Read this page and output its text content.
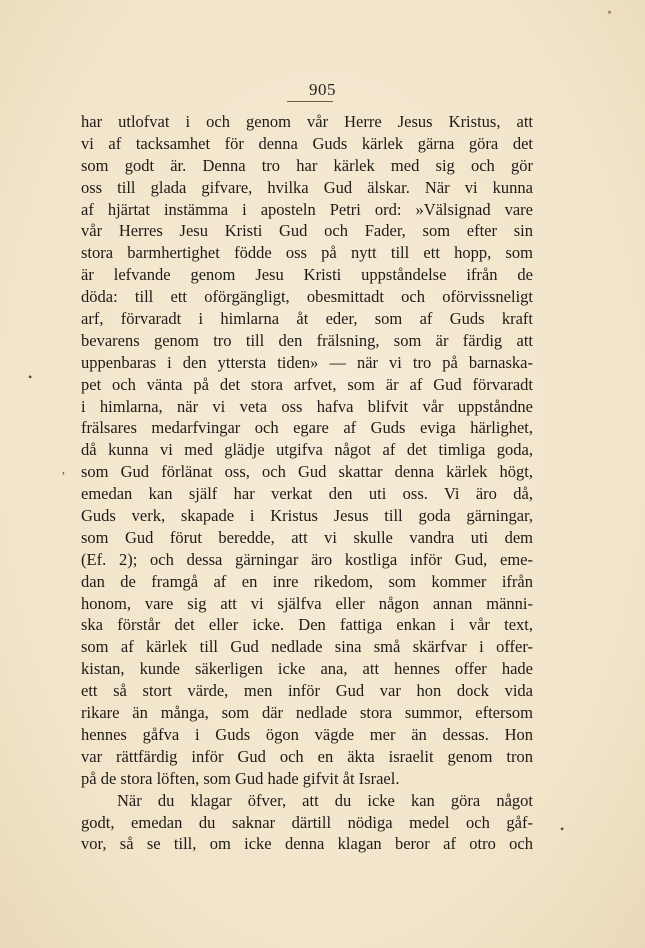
•
•
,
•
905
har utlofvat i och genom vår Herre Jesus Kristus, att
vi af tacksamhet för denna Guds kärlek gärna göra det
som godt är. Denna tro har kärlek med sig och gör
oss till glada gifvare, hvilka Gud älskar. När vi kunna
af hjärtat instämma i aposteln Petri ord: »Välsignad vare
vår Herres Jesu Kristi Gud och Fader, som efter sin
stora barmhertighet födde oss på nytt till ett hopp, som
är lefvande genom Jesu Kristi uppståndelse ifrån de
döda: till ett oförgängligt, obesmittadt och oförvissneligt
arf, förvaradt i himlarna åt eder, som af Guds kraft
bevarens genom tro till den frälsning, som är färdig att
uppenbaras i den yttersta tiden» — när vi tro på barnaska-
pet och vänta på det stora arfvet, som är af Gud förvaradt
i himlarna, när vi veta oss hafva blifvit vår uppståndne
frälsares medarfvingar och egare af Guds eviga härlighet,
då kunna vi med glädje utgifva något af det timliga goda,
som Gud förlänat oss, och Gud skattar denna kärlek högt,
emedan kan själf har verkat den uti oss. Vi äro då,
Guds verk, skapade i Kristus Jesus till goda gärningar,
som Gud förut beredde, att vi skulle vandra uti dem
(Ef. 2); och dessa gärningar äro kostliga inför Gud, eme-
dan de framgå af en inre rikedom, som kommer ifrån
honom, vare sig att vi själfva eller någon annan männi-
ska förstår det eller icke. Den fattiga enkan i vår text,
som af kärlek till Gud nedlade sina små skärfvar i offer-
kistan, kunde säkerligen icke ana, att hennes offer hade
ett så stort värde, men inför Gud var hon dock vida
rikare än många, som där nedlade stora summor, eftersom
hennes gåfva i Guds ögon vägde mer än dessas. Hon
var rättfärdig inför Gud och en äkta israelit genom tron
på de stora löften, som Gud hade gifvit åt Israel.
När du klagar öfver, att du icke kan göra något
godt, emedan du saknar därtill nödiga medel och gåf-
vor, så se till, om icke denna klagan beror af otro och
